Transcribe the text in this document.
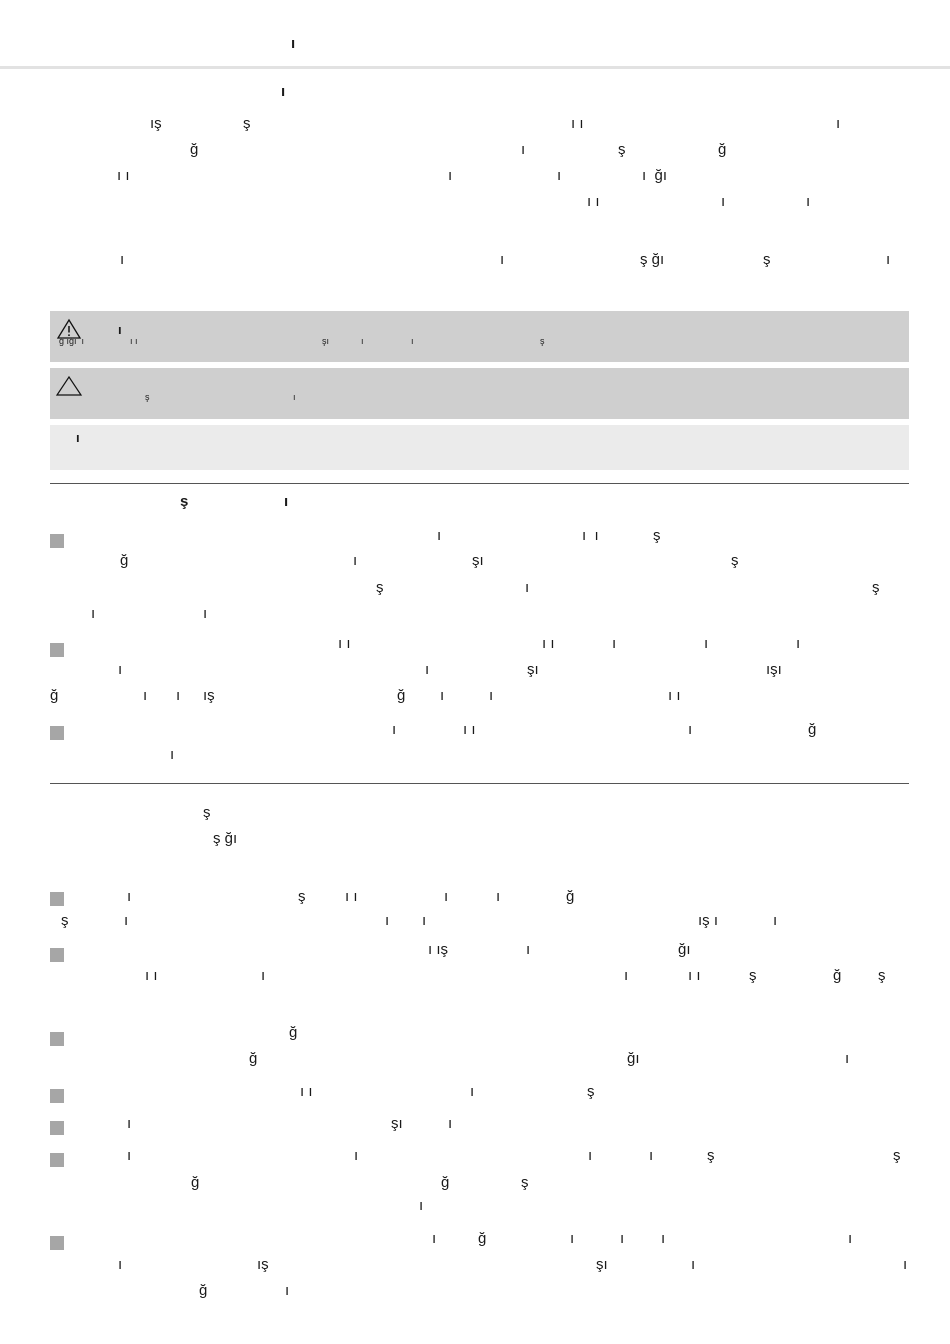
ı
ı
ış	ş	ı ı	ı
ğ	ı	ş	ğ
ı ı	ı	ı	ı  ğı
ı ı	ı	ı
ı	ı	ş ğı	ş	ı
ı
ğ ığı  ı	ı ı	şı	ı	ı	ş
ş	ı
ı
ş	ı
ı	ı  ı	ş
ğ	ı	şı	ş
ş	ı	ş
ı	ı
ı ı	ı ı	ı	ı	ı
ı	ı	şı	ışı
ğ	ı ı ış	ğ ı	ı	ı ı
ı	ı ı	ı	ğ
ı
ş
ş ğı
ı	ş	ı ı	ı	ı	ğ
ş	ı	ı ı	ış ı	ı
ı ış	ı	ğı
ı ı	ı	ı	ı ı	ş	ğ ş
ğ
ğ	ğı	ı
ı ı	ı	ş
ı	şı	ı
ı	ı	ı	ı	ş	ş
ğ	ğ	ş
ı
ı	ğ	ı	ı ı	ı
ı	ış	şı	ı	ı
ğ	ı
